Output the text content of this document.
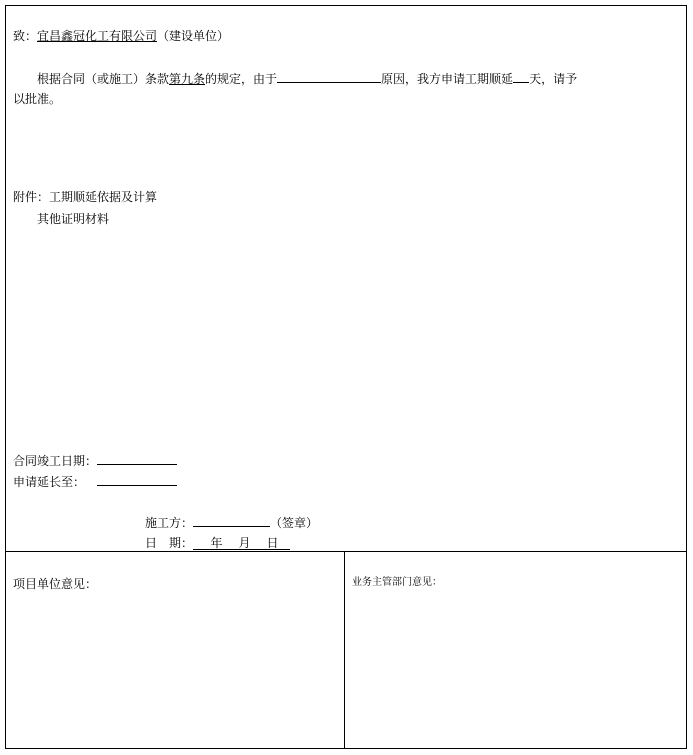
致：宜昌鑫冠化工有限公司（建设单位）
根据合同（或施工）条款第九条的规定，由于	原因，我方申请工期顺延 天，请予
以批准。
附件：工期顺延依据及计算
其他证明材料
合同竣工日期：
申请延长至：
施工方：	（签章）
日　期： 年 月 日
项目单位意见：	业务主管部门意见：
